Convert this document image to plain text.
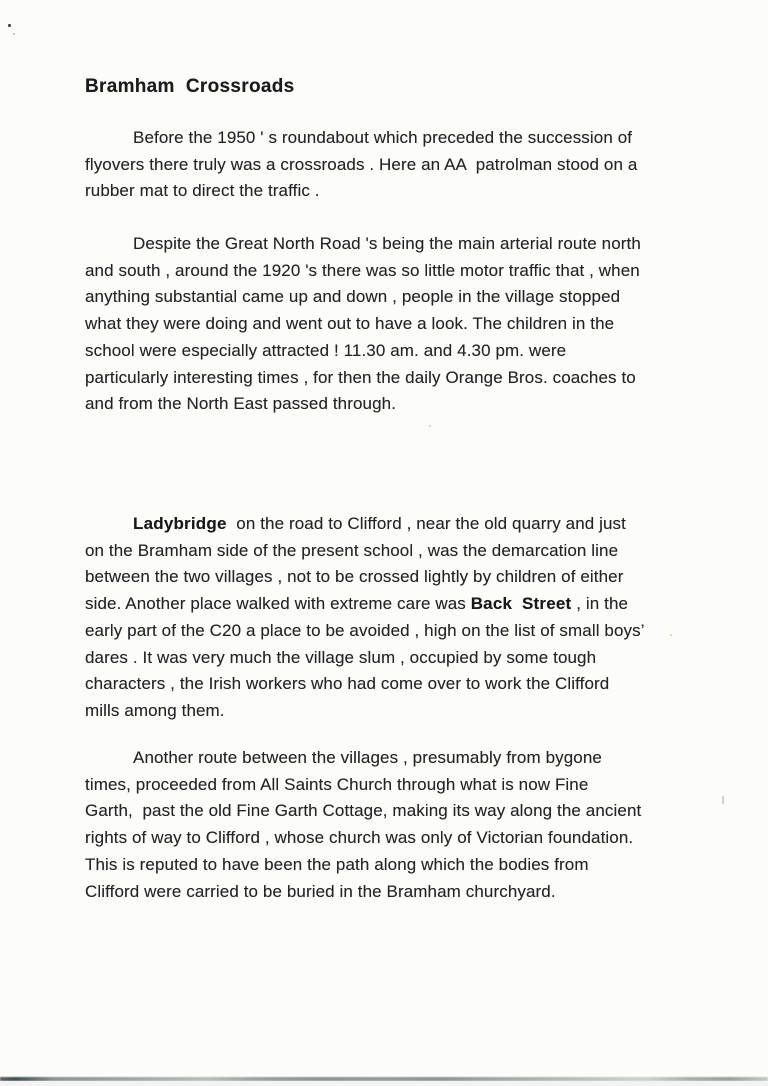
Bramham  Crossroads
Before the 1950 ' s roundabout which preceded the succession of
flyovers there truly was a crossroads . Here an AA  patrolman stood on a
rubber mat to direct the traffic .
Despite the Great North Road 's being the main arterial route north
and south , around the 1920 's there was so little motor traffic that , when
anything substantial came up and down , people in the village stopped
what they were doing and went out to have a look. The children in the
school were especially attracted ! 11.30 am. and 4.30 pm. were
particularly interesting times , for then the daily Orange Bros. coaches to
and from the North East passed through.
Ladybridge  on the road to Clifford , near the old quarry and just
on the Bramham side of the present school , was the demarcation line
between the two villages , not to be crossed lightly by children of either
side. Another place walked with extreme care was Back  Street , in the
early part of the C20 a place to be avoided , high on the list of small boys’
dares . It was very much the village slum , occupied by some tough
characters , the Irish workers who had come over to work the Clifford
mills among them.
Another route between the villages , presumably from bygone
times, proceeded from All Saints Church through what is now Fine
Garth,  past the old Fine Garth Cottage, making its way along the ancient
rights of way to Clifford , whose church was only of Victorian foundation.
This is reputed to have been the path along which the bodies from
Clifford were carried to be buried in the Bramham churchyard.
